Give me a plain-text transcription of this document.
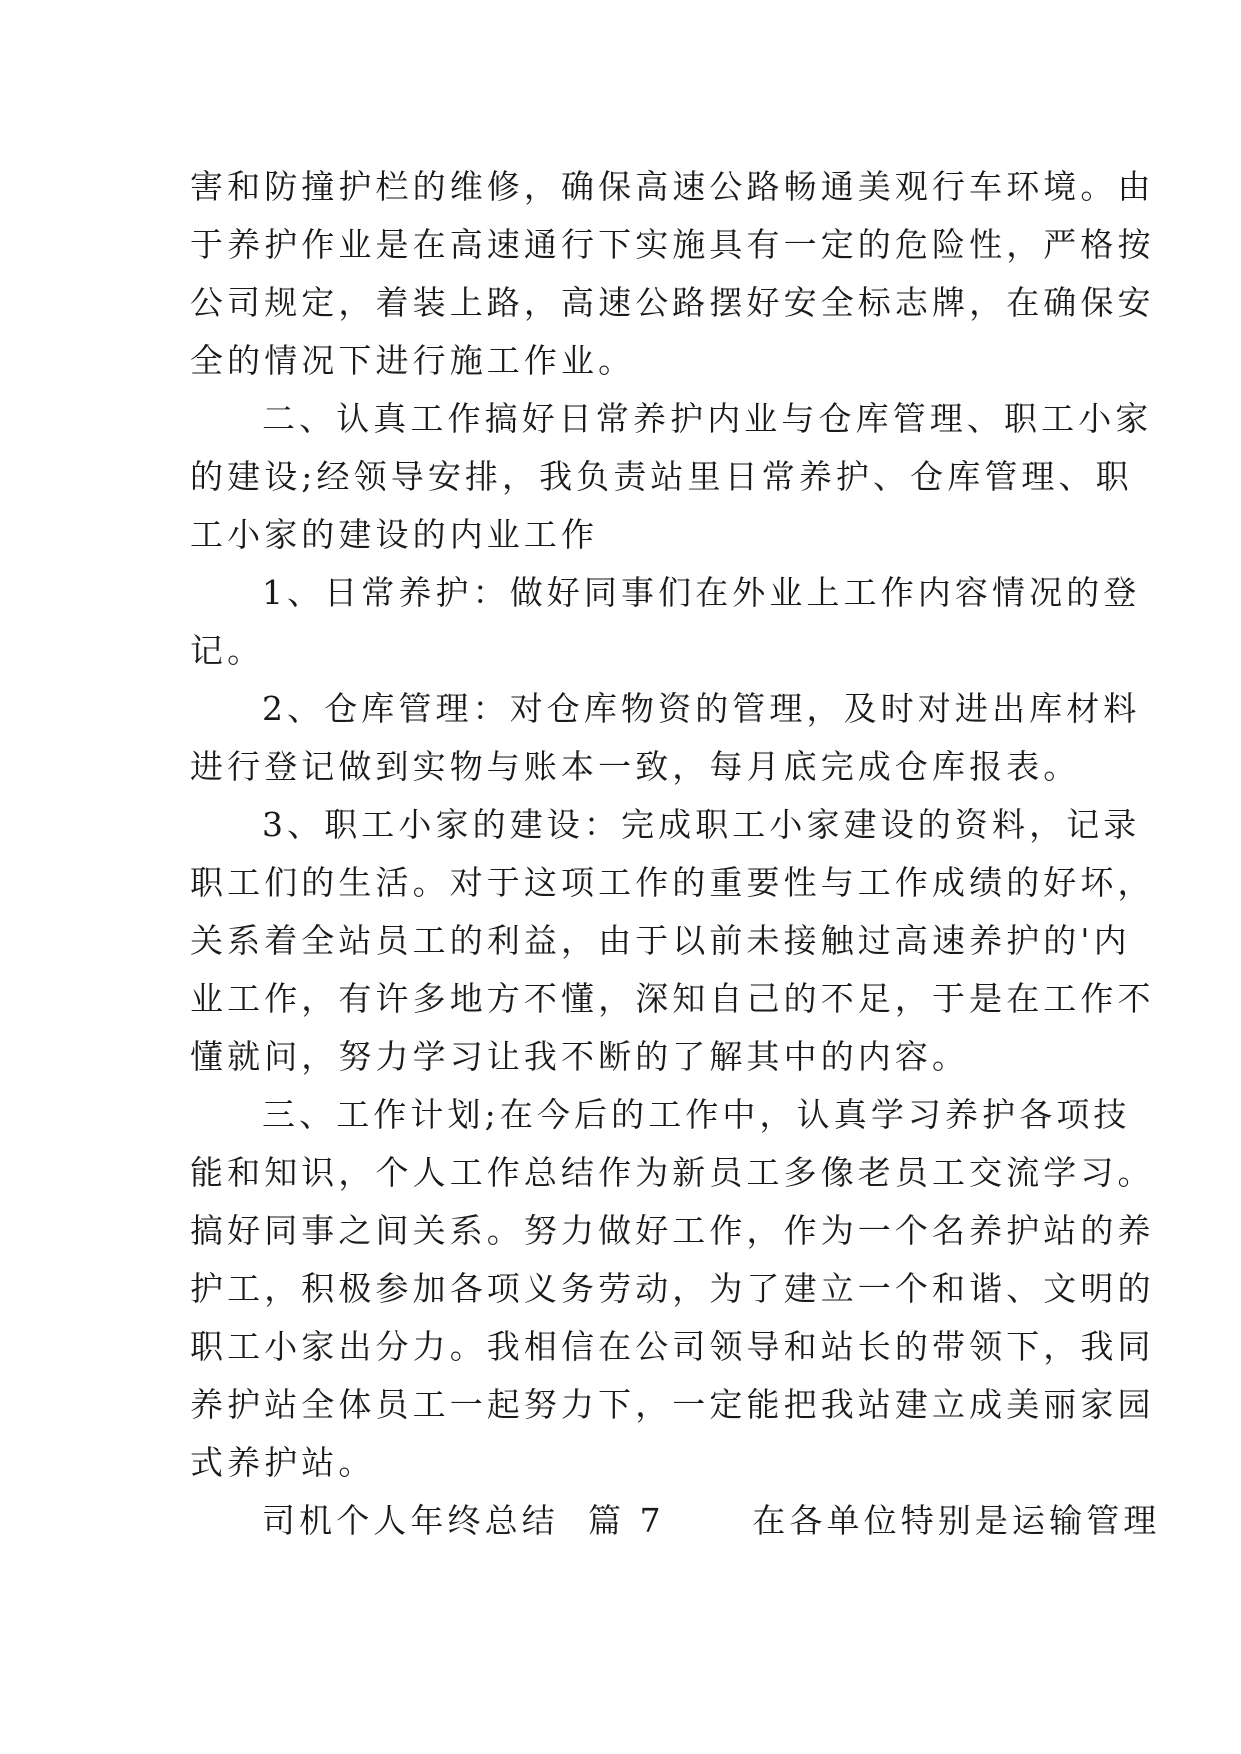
害和防撞护栏的维修，确保高速公路畅通美观行车环境。由
于养护作业是在高速通行下实施具有一定的危险性，严格按
公司规定，着装上路，高速公路摆好安全标志牌，在确保安
全的情况下进行施工作业。
二、认真工作搞好日常养护内业与仓库管理、职工小家
的建设;经领导安排，我负责站里日常养护、仓库管理、职
工小家的建设的内业工作
1、日常养护：做好同事们在外业上工作内容情况的登
记。
2、仓库管理：对仓库物资的管理，及时对进出库材料
进行登记做到实物与账本一致，每月底完成仓库报表。
3、职工小家的建设：完成职工小家建设的资料，记录
职工们的生活。对于这项工作的重要性与工作成绩的好坏，
关系着全站员工的利益，由于以前未接触过高速养护的'内
业工作，有许多地方不懂，深知自己的不足，于是在工作不
懂就问，努力学习让我不断的了解其中的内容。
三、工作计划;在今后的工作中，认真学习养护各项技
能和知识，个人工作总结作为新员工多像老员工交流学习。
搞好同事之间关系。努力做好工作，作为一个名养护站的养
护工，积极参加各项义务劳动，为了建立一个和谐、文明的
职工小家出分力。我相信在公司领导和站长的带领下，我同
养护站全体员工一起努力下，一定能把我站建立成美丽家园
式养护站。
司机个人年终总结  篇 7      在各单位特别是运输管理
